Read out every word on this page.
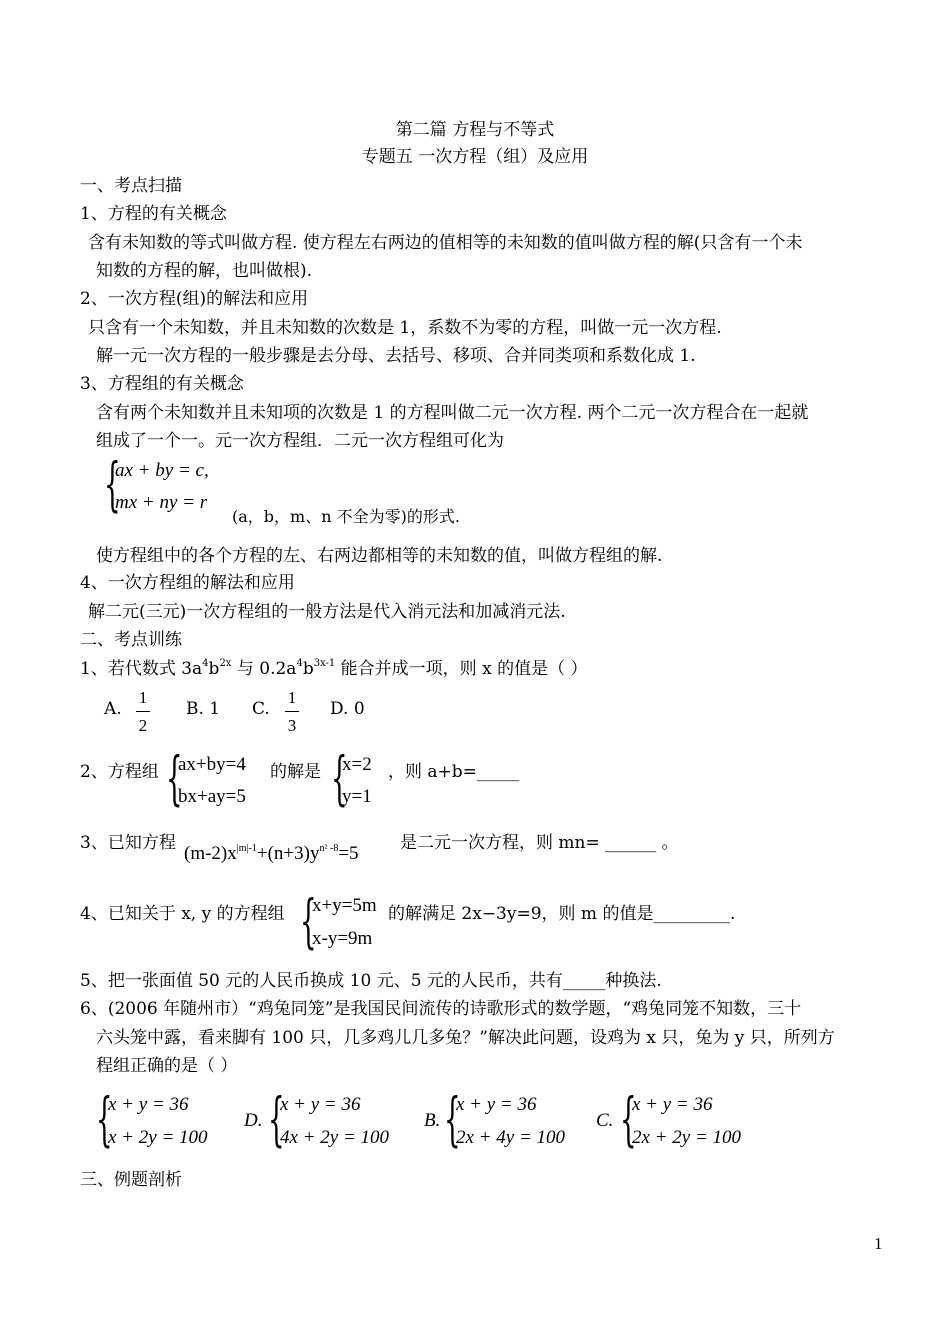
第二篇 方程与不等式
专题五 一次方程（组）及应用
一、考点扫描
1、方程的有关概念
含有未知数的等式叫做方程. 使方程左右两边的值相等的未知数的值叫做方程的解(只含有一个未
知数的方程的解，也叫做根).
2、一次方程(组)的解法和应用
只含有一个未知数，并且未知数的次数是 1，系数不为零的方程，叫做一元一次方程.
解一元一次方程的一般步骤是去分母、去括号、移项、合并同类项和系数化成 1.
3、方程组的有关概念
含有两个未知数并且未知项的次数是 1 的方程叫做二元一次方程. 两个二元一次方程合在一起就
组成了一个一。元一次方程组．二元一次方程组可化为
{
ax + by = c,
mx + ny = r
(a，b，m、n 不全为零)的形式.
使方程组中的各个方程的左、右两边都相等的未知数的值，叫做方程组的解.
4、一次方程组的解法和应用
解二元(三元)一次方程组的一般方法是代入消元法和加减消元法.
二、考点训练
1、若代数式 $3a^4b^{2x}$ 与 $0.2a^4b^{3x-1}$ 能合并成一项，则 x 的值是（ ）
A.
1
2
B. 1 C.
1
3
D. 0
2、方程组 {
ax+by=4
bx+ay=5
的解是 {
x=2
y=1
，则 a+b=_____
3、已知方程 $(m-2)x^{|m|-1}+(n+3)y^{n^2 -8}=5$ 是二元一次方程，则 mn= ______ 。
4、已知关于 x, y 的方程组 {
x+y=5m
x-y=9m
的解满足 2x−3y=9，则 m 的值是_________.
5、把一张面值 50 元的人民币换成 10 元、5 元的人民币，共有_____种换法.
6、(2006 年随州市）“鸡兔同笼”是我国民间流传的诗歌形式的数学题，“鸡兔同笼不知数，三十
六头笼中露，看来脚有 100 只，几多鸡儿几多兔？”解决此问题，设鸡为 x 只，兔为 y 只，所列方
程组正确的是（ ）
{
x + y = 36
x + 2y = 100
D. {
x + y = 36
4x + 2y = 100
B. {
x + y = 36
2x + 4y = 100
C. {
x + y = 36
2x + 2y = 100
三、例题剖析
1
